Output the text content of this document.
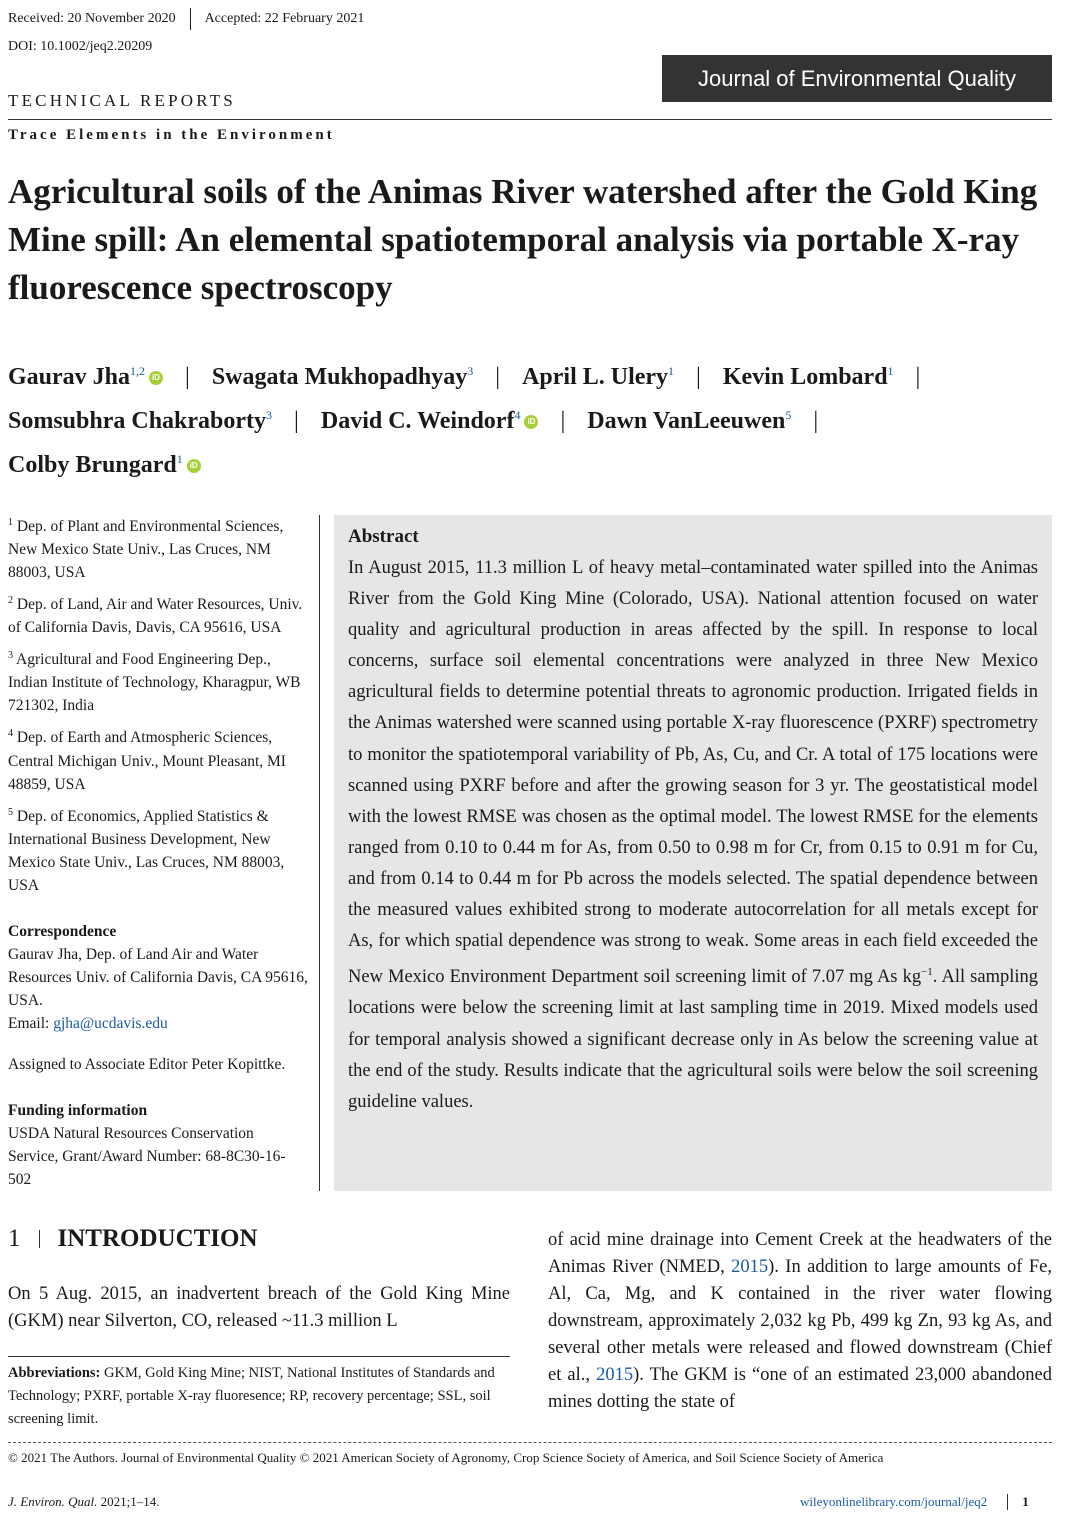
Received: 20 November 2020 Accepted: 22 February 2021
DOI: 10.1002/jeq2.20209
Journal of Environmental Quality
TECHNICAL REPORTS
Trace Elements in the Environment
Agricultural soils of the Animas River watershed after the Gold King Mine spill: An elemental spatiotemporal analysis via portable X-ray fluorescence spectroscopy
Gaurav Jha$^{1,2}$ iD | Swagata Mukhopadhyay$^3$ | April L. Ulery$^1$ | Kevin Lombard$^1$ |
Somsubhra Chakraborty$^3$ | David C. Weindorf$^4$ iD | Dawn VanLeeuwen$^5$ |
Colby Brungard$^1$ iD

$^1$ Dep. of Plant and Environmental Sciences, New Mexico State Univ., Las Cruces, NM 88003, USA

$^2$ Dep. of Land, Air and Water Resources, Univ. of California Davis, Davis, CA 95616, USA

$^3$ Agricultural and Food Engineering Dep., Indian Institute of Technology, Kharagpur, WB 721302, India

$^4$ Dep. of Earth and Atmospheric Sciences, Central Michigan Univ., Mount Pleasant, MI 48859, USA

$^5$ Dep. of Economics, Applied Statistics & International Business Development, New Mexico State Univ., Las Cruces, NM 88003, USA

Correspondence
Gaurav Jha, Dep. of Land Air and Water Resources Univ. of California Davis, CA 95616, USA.
Email: gjha@ucdavis.edu

Assigned to Associate Editor Peter Kopittke.

Funding information
USDA Natural Resources Conservation Service, Grant/Award Number: 68-8C30-16-502

Abstract

In August 2015, 11.3 million L of heavy metal–contaminated water spilled into the Animas River from the Gold King Mine (Colorado, USA). National attention focused on water quality and agricultural production in areas affected by the spill. In response to local concerns, surface soil elemental concentrations were analyzed in three New Mexico agricultural fields to determine potential threats to agronomic production. Irrigated fields in the Animas watershed were scanned using portable X-ray fluorescence (PXRF) spectrometry to monitor the spatiotemporal variability of Pb, As, Cu, and Cr. A total of 175 locations were scanned using PXRF before and after the growing season for 3 yr. The geostatistical model with the lowest RMSE was chosen as the optimal model. The lowest RMSE for the elements ranged from 0.10 to 0.44 m for As, from 0.50 to 0.98 m for Cr, from 0.15 to 0.91 m for Cu, and from 0.14 to 0.44 m for Pb across the models selected. The spatial dependence between the measured values exhibited strong to moderate autocorrelation for all metals except for As, for which spatial dependence was strong to weak. Some areas in each field exceeded the New Mexico Environment Department soil screening limit of 7.07 mg As $kg^{-1}$. All sampling locations were below the screening limit at last sampling time in 2019. Mixed models used for temporal analysis showed a significant decrease only in As below the screening value at the end of the study. Results indicate that the agricultural soils were below the soil screening guideline values.

1 INTRODUCTION
On 5 Aug. 2015, an inadvertent breach of the Gold King Mine (GKM) near Silverton, CO, released ~11.3 million L
Abbreviations: GKM, Gold King Mine; NIST, National Institutes of Standards and Technology; PXRF, portable X-ray fluoresence; RP, recovery percentage; SSL, soil screening limit.
of acid mine drainage into Cement Creek at the headwaters of the Animas River (NMED, 2015). In addition to large amounts of Fe, Al, Ca, Mg, and K contained in the river water flowing downstream, approximately 2,032 kg Pb, 499 kg Zn, 93 kg As, and several other metals were released and flowed downstream (Chief et al., 2015). The GKM is “one of an estimated 23,000 abandoned mines dotting the state of
© 2021 The Authors. Journal of Environmental Quality © 2021 American Society of Agronomy, Crop Science Society of America, and Soil Science Society of America
J. Environ. Qual. 2021;1–14.	wileyonlinelibrary.com/journal/jeq2	1
